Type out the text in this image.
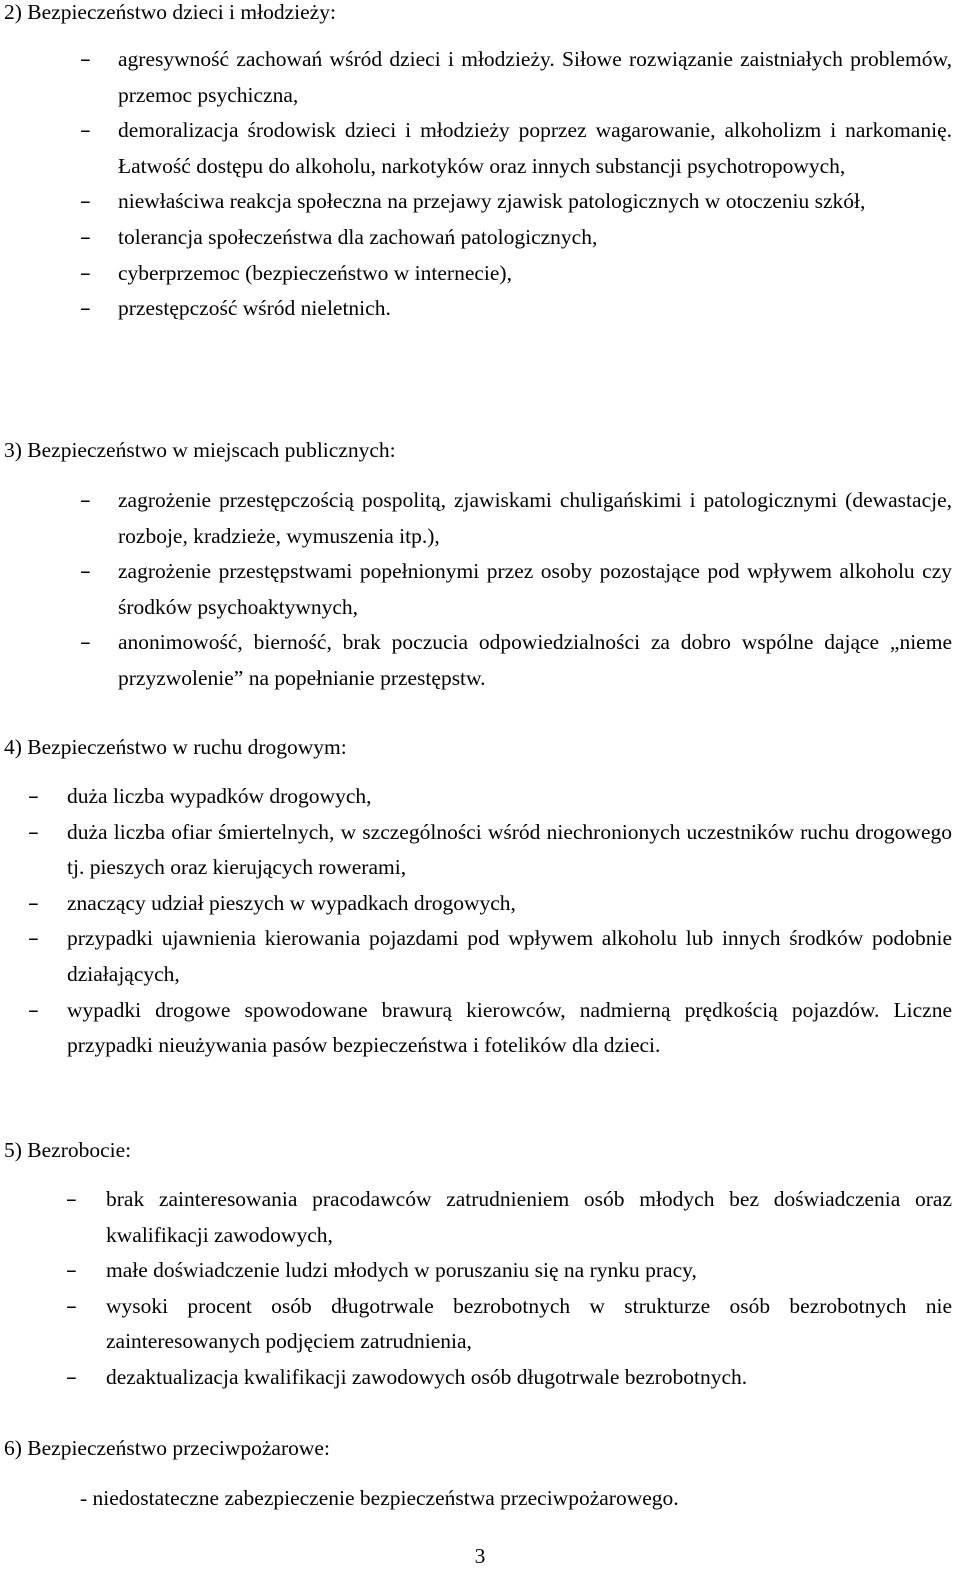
2) Bezpieczeństwo dzieci i młodzieży:
–	agresywność zachowań wśród dzieci i młodzieży. Siłowe rozwiązanie zaistniałych problemów, przemoc psychiczna,
–	demoralizacja środowisk dzieci i młodzieży poprzez wagarowanie, alkoholizm i narkomanię. Łatwość dostępu do alkoholu, narkotyków oraz innych substancji psychotropowych,
–	niewłaściwa reakcja społeczna na przejawy zjawisk patologicznych w otoczeniu szkół,
–	tolerancja społeczeństwa dla zachowań patologicznych,
–	cyberprzemoc (bezpieczeństwo w internecie),
–	przestępczość wśród nieletnich.
3) Bezpieczeństwo w miejscach publicznych:
–	zagrożenie przestępczością pospolitą, zjawiskami chuligańskimi i patologicznymi (dewastacje, rozboje, kradzieże, wymuszenia itp.),
–	zagrożenie przestępstwami popełnionymi przez osoby pozostające pod wpływem alkoholu czy środków psychoaktywnych,
–	anonimowość, bierność, brak poczucia odpowiedzialności za dobro wspólne dające „nieme przyzwolenie” na popełnianie przestępstw.
4) Bezpieczeństwo w ruchu drogowym:
–	duża liczba wypadków drogowych,
–	duża liczba ofiar śmiertelnych, w szczególności wśród niechronionych uczestników ruchu drogowego tj. pieszych oraz kierujących rowerami,
–	znaczący udział pieszych w wypadkach drogowych,
–	przypadki ujawnienia kierowania pojazdami pod wpływem alkoholu lub innych środków podobnie działających,
–	wypadki drogowe spowodowane brawurą kierowców, nadmierną prędkością pojazdów. Liczne przypadki nieużywania pasów bezpieczeństwa i fotelików dla dzieci.
5) Bezrobocie:
–	brak zainteresowania pracodawców zatrudnieniem osób młodych bez doświadczenia oraz kwalifikacji zawodowych,
–	małe doświadczenie ludzi młodych w poruszaniu się na rynku pracy,
–	wysoki procent osób długotrwale bezrobotnych w strukturze osób bezrobotnych nie zainteresowanych podjęciem zatrudnienia,
–	dezaktualizacja kwalifikacji zawodowych osób długotrwale bezrobotnych.
6) Bezpieczeństwo przeciwpożarowe:
- niedostateczne zabezpieczenie bezpieczeństwa przeciwpożarowego.
3
